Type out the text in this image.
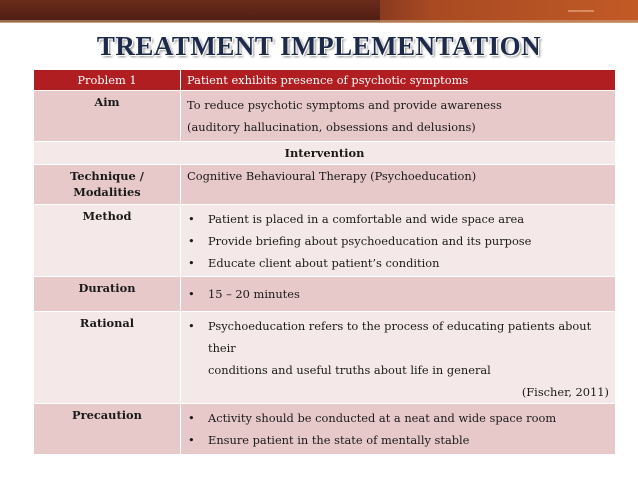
TREATMENT IMPLEMENTATION
Problem 1	Patient exhibits presence of psychotic symptoms
Aim	To reduce psychotic symptoms and provide awareness
(auditory hallucination, obsessions and delusions)

Intervention	

Technique /
Modalities	Cognitive Behavioural Therapy (Psychoeducation)
Method	• Patient is placed in a comfortable and wide space area
• Provide briefing about psychoeducation and its purpose
• Educate client about patient’s condition

Duration	• 15 – 20 minutes

Rational	• Psychoeducation refers to the process of educating patients about their
conditions and useful truths about life in general
(Fischer, 2011)

Precaution	• Activity should be conducted at a neat and wide space room
• Ensure patient in the state of mentally stable
